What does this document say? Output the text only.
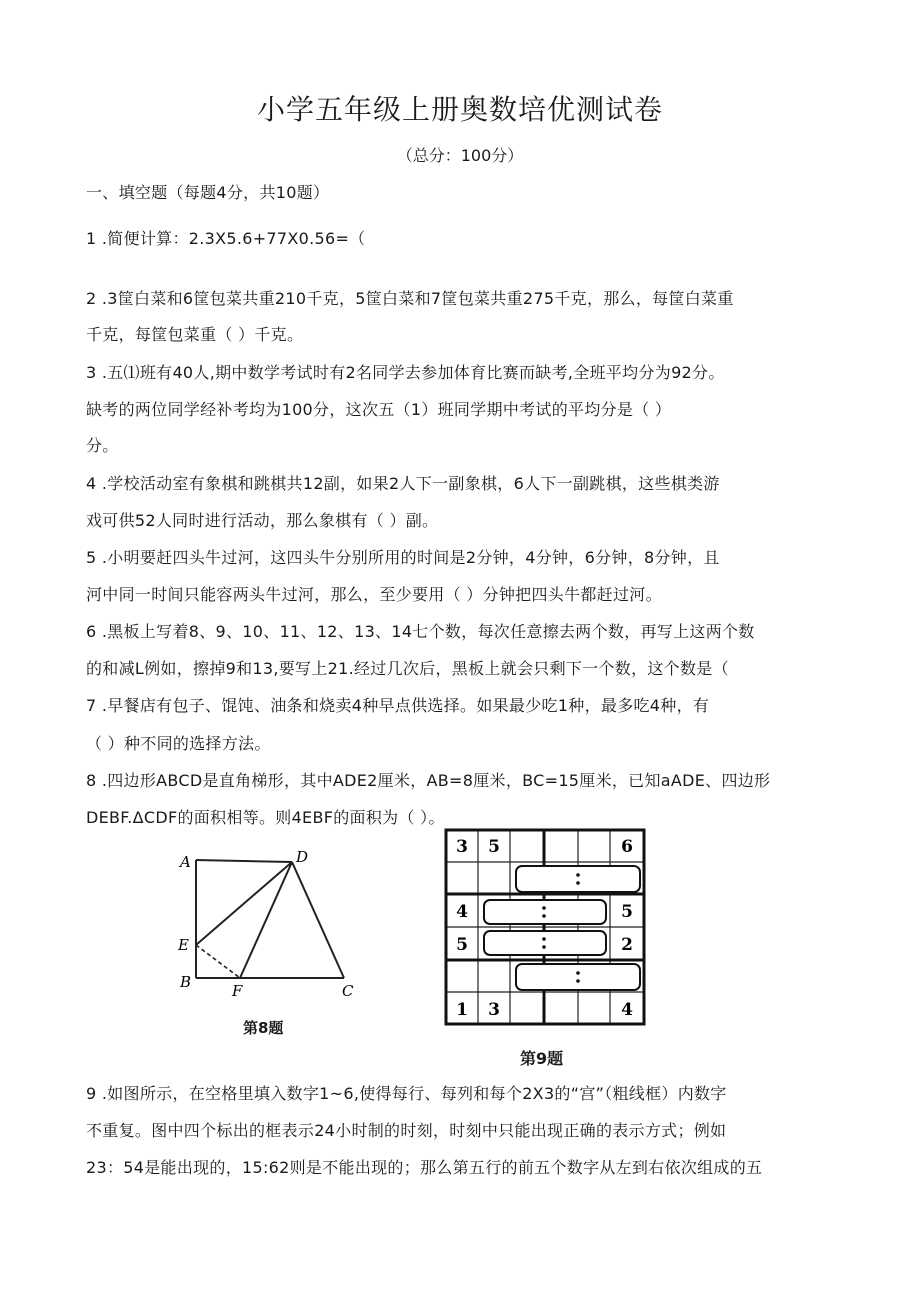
小学五年级上册奥数培优测试卷
（总分：100分）
一、填空题（每题4分，共10题）
1 .简便计算：2.3X5.6+77X0.56=（
2 .3筐白菜和6筐包菜共重210千克，5筐白菜和7筐包菜共重275千克，那么，每筐白菜重
千克，每筐包菜重（ ）千克。
3 .五⑴班有40人,期中数学考试时有2名同学去参加体育比赛而缺考,全班平均分为92分。
缺考的两位同学经补考均为100分，这次五（1）班同学期中考试的平均分是（ ）
分。
4 .学校活动室有象棋和跳棋共12副，如果2人下一副象棋，6人下一副跳棋，这些棋类游
戏可供52人同时进行活动，那么象棋有（ ）副。
5 .小明要赶四头牛过河，这四头牛分别所用的时间是2分钟，4分钟，6分钟，8分钟，且
河中同一时间只能容两头牛过河，那么，至少要用（ ）分钟把四头牛都赶过河。
6 .黑板上写着8、9、10、11、12、13、14七个数，每次任意擦去两个数，再写上这两个数
的和减L例如，擦掉9和13,要写上21.经过几次后，黑板上就会只剩下一个数，这个数是（
7 .早餐店有包子、馄饨、油条和烧卖4种早点供选择。如果最少吃1种，最多吃4种，有
（ ）种不同的选择方法。
8 .四边形ABCD是直角梯形，其中ADE2厘米，AB=8厘米，BC=15厘米，已知aADE、四边形
DEBF.ΔCDF的面积相等。则4EBF的面积为（ ）。
A	D
E
B	F	C
第8题
3 5	6
4	5
5	2
1 3	4
第9题
9 .如图所示，在空格里填入数字1~6,使得每行、每列和每个2X3的“宫”（粗线框）内数字
不重复。图中四个标出的框表示24小时制的时刻，时刻中只能出现正确的表示方式；例如
23：54是能出现的，15:62则是不能出现的；那么第五行的前五个数字从左到右依次组成的五
